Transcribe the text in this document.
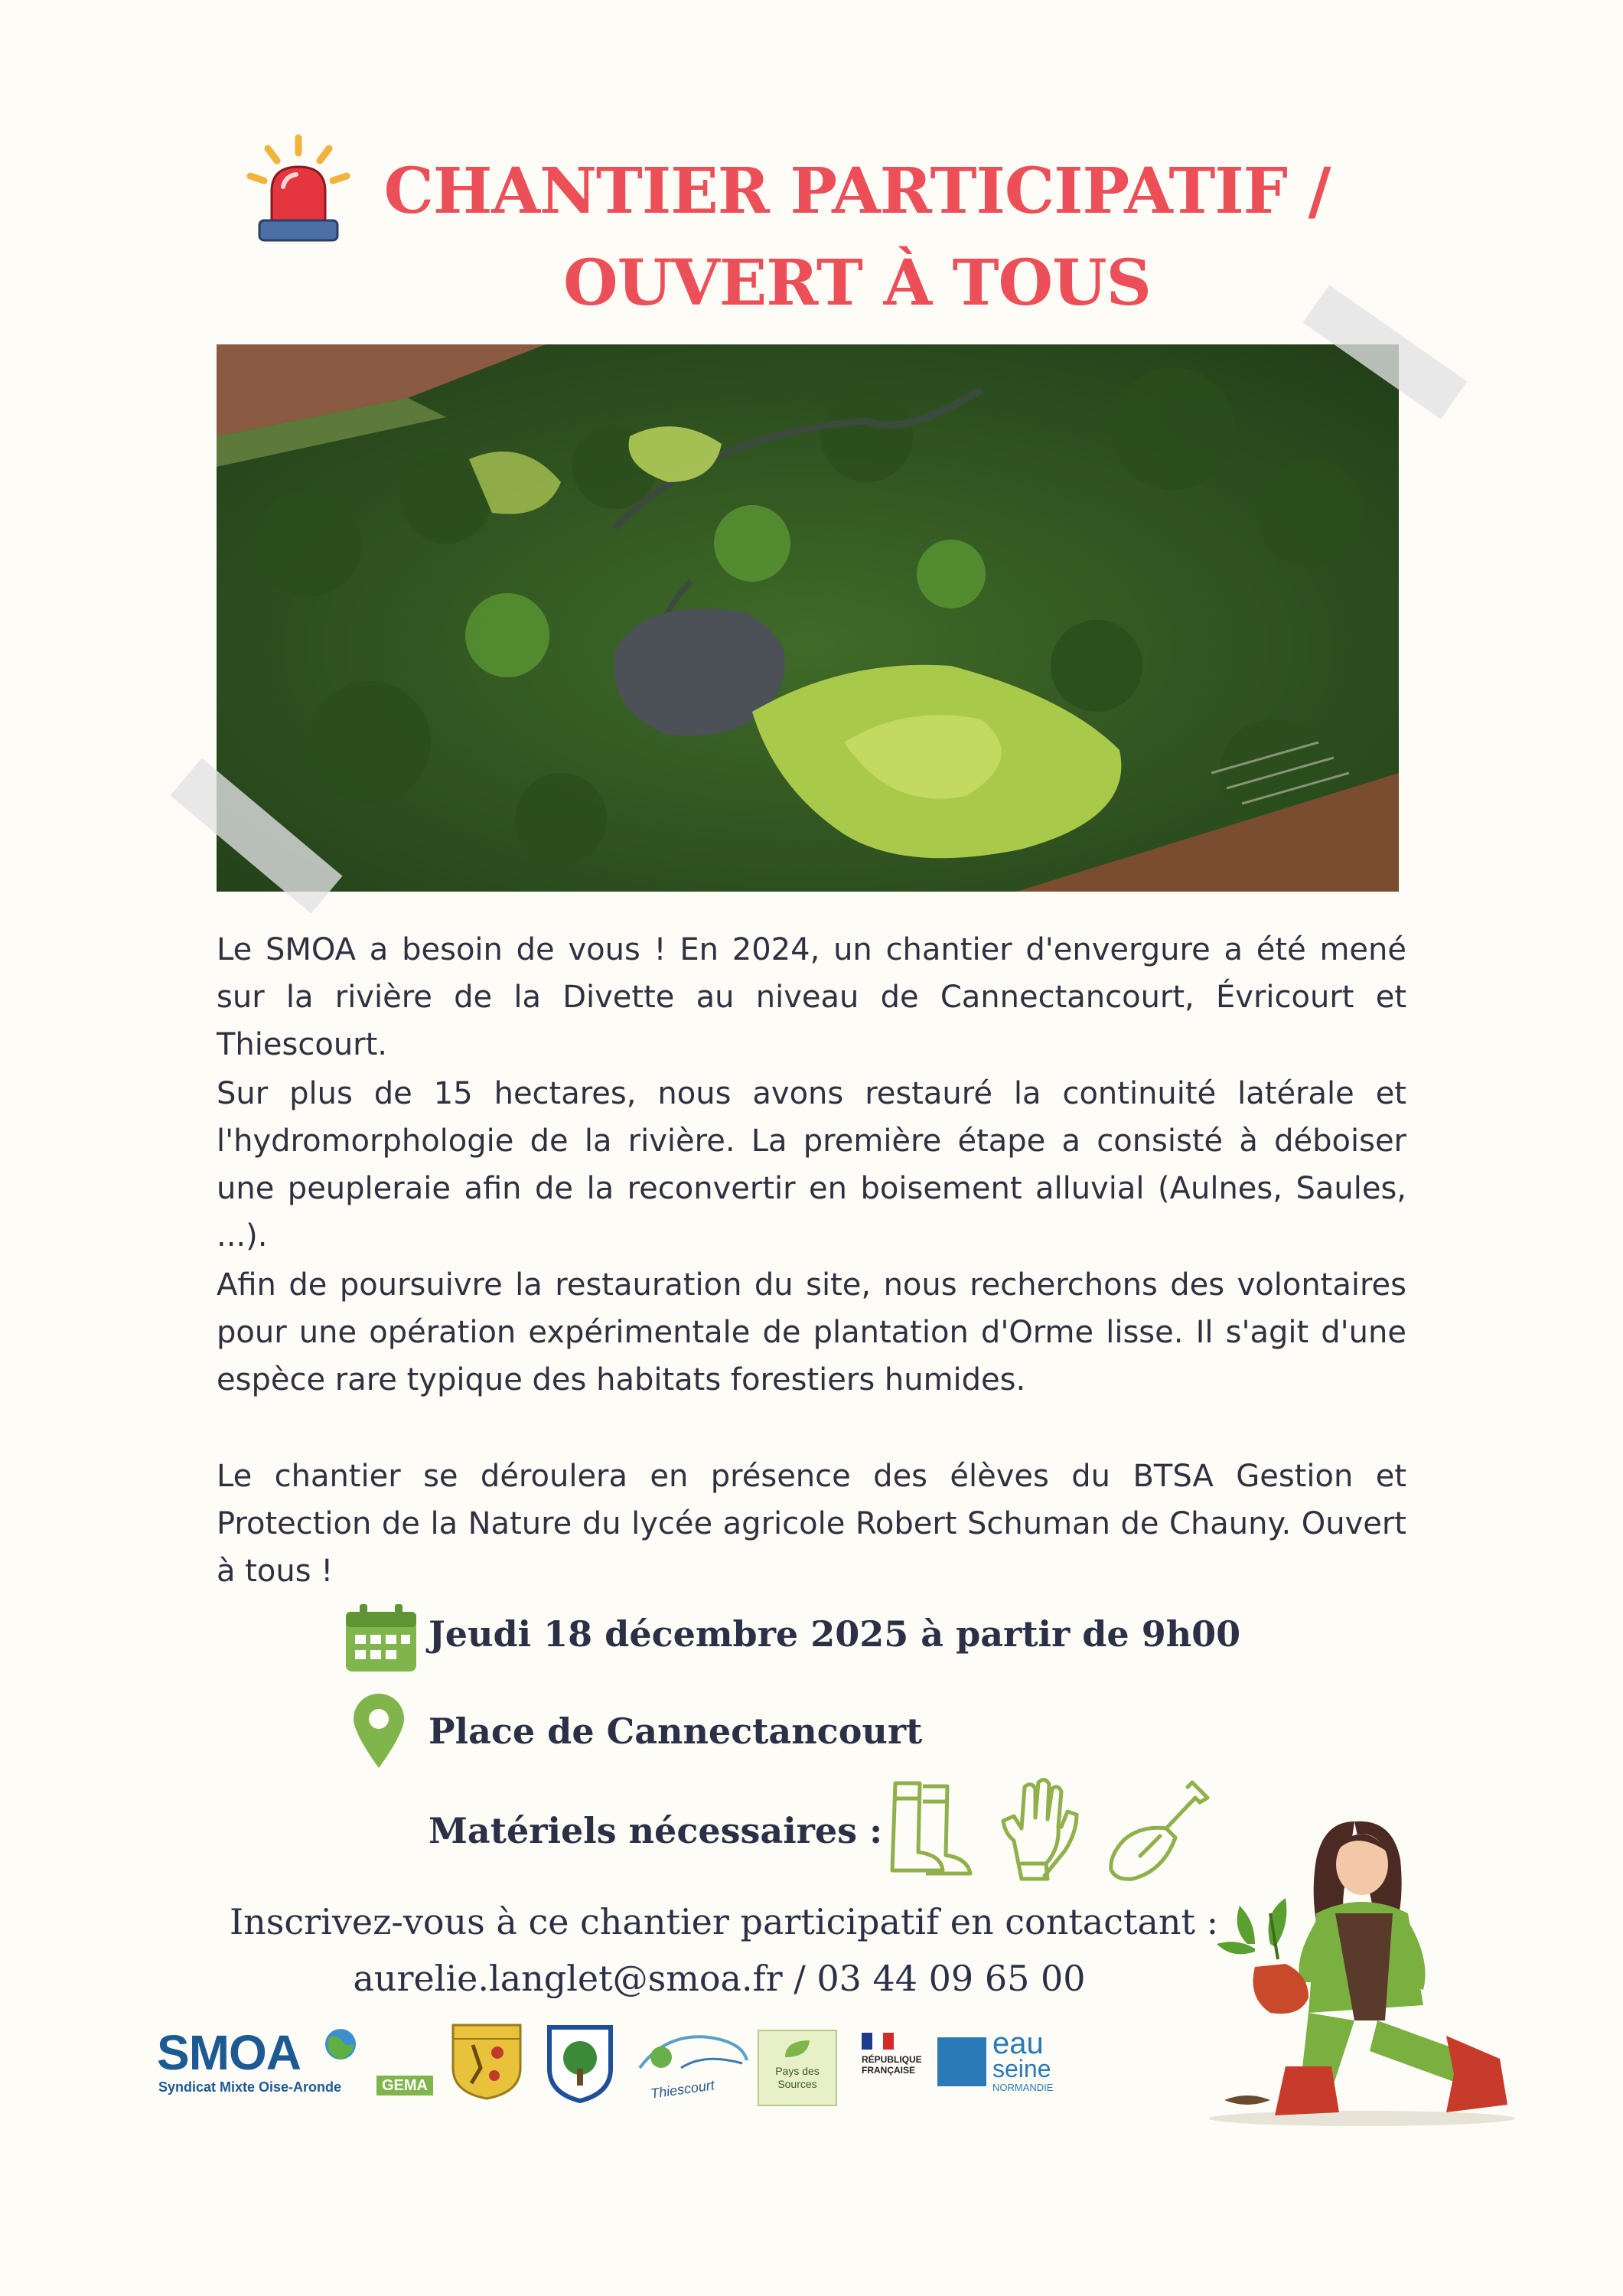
CHANTIER PARTICIPATIF /
OUVERT À TOUS
Le SMOA a besoin de vous ! En 2024, un chantier d'envergure a été mené sur la rivière de la Divette au niveau de Cannectancourt, Évricourt et Thiescourt.
Sur plus de 15 hectares, nous avons restauré la continuité latérale et l'hydromorphologie de la rivière. La première étape a consisté à déboiser une peupleraie afin de la reconvertir en boisement alluvial (Aulnes, Saules, ...).
Afin de poursuivre la restauration du site, nous recherchons des volontaires pour une opération expérimentale de plantation d'Orme lisse. Il s'agit d'une espèce rare typique des habitats forestiers humides.
Le chantier se déroulera en présence des élèves du BTSA Gestion et Protection de la Nature du lycée agricole Robert Schuman de Chauny. Ouvert à tous !
Jeudi 18 décembre 2025 à partir de 9h00
Place de Cannectancourt
Matériels nécessaires :
Inscrivez-vous à ce chantier participatif en contactant :
aurelie.langlet@smoa.fr / 03 44 09 65 00
SMOA
Syndicat Mixte Oise-Aronde	GEMA	Thiescourt
Pays des Sources
RÉPUBLIQUE FRANÇAISE
eau
seine
NORMANDIE
